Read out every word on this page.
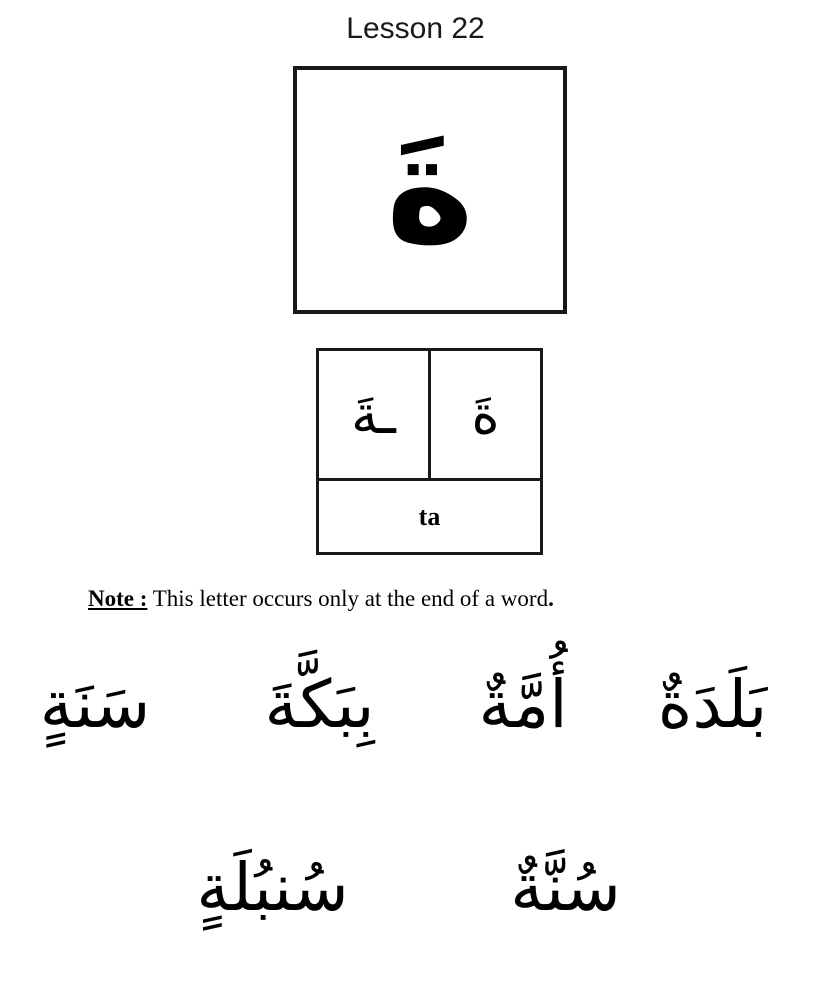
Lesson 22
ةَ
ـةَ	ةَ
ta
Note : This letter occurs only at the end of a word.
بَلَدَةٌ
أُمَّةٌ
بِبَكَّةَ
سَنَةٍ
سُنَّةٌ
سُنبُلَةٍ
